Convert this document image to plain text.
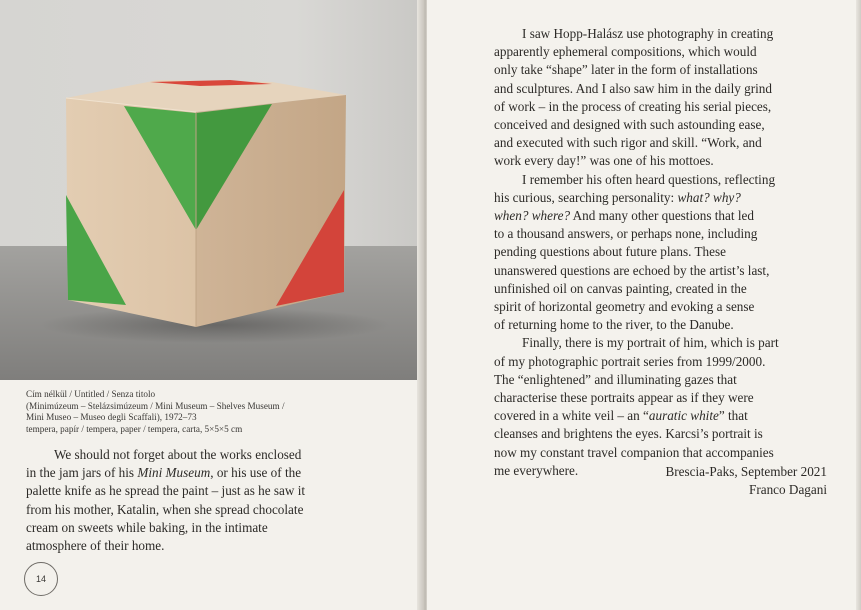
Cím nélkül / Untitled / Senza titolo
(Minimúzeum – Stelázsimúzeum / Mini Museum – Shelves Museum /
Mini Museo – Museo degli Scaffali), 1972–73
tempera, papír / tempera, paper / tempera, carta, 5×5×5 cm
We should not forget about the works enclosed
in the jam jars of his Mini Museum, or his use of the
palette knife as he spread the paint – just as he saw it
from his mother, Katalin, when she spread chocolate
cream on sweets while baking, in the intimate
atmosphere of their home.
14

I saw Hopp-Halász use photography in creating
apparently ephemeral compositions, which would
only take “shape” later in the form of installations
and sculptures. And I also saw him in the daily grind
of work – in the process of creating his serial pieces,
conceived and designed with such astounding ease,
and executed with such rigor and skill. “Work, and
work every day!” was one of his mottoes.

I remember his often heard questions, reflecting
his curious, searching personality: what? why?
when? where? And many other questions that led
to a thousand answers, or perhaps none, including
pending questions about future plans. These
unanswered questions are echoed by the artist’s last,
unfinished oil on canvas painting, created in the
spirit of horizontal geometry and evoking a sense
of returning home to the river, to the Danube.

Finally, there is my portrait of him, which is part
of my photographic portrait series from 1999/2000.
The “enlightened” and illuminating gazes that
characterise these portraits appear as if they were
covered in a white veil – an “auratic white” that
cleanses and brightens the eyes. Karcsi’s portrait is
now my constant travel companion that accompanies
me everywhere.	Brescia-Paks, September 2021
Franco Dagani
